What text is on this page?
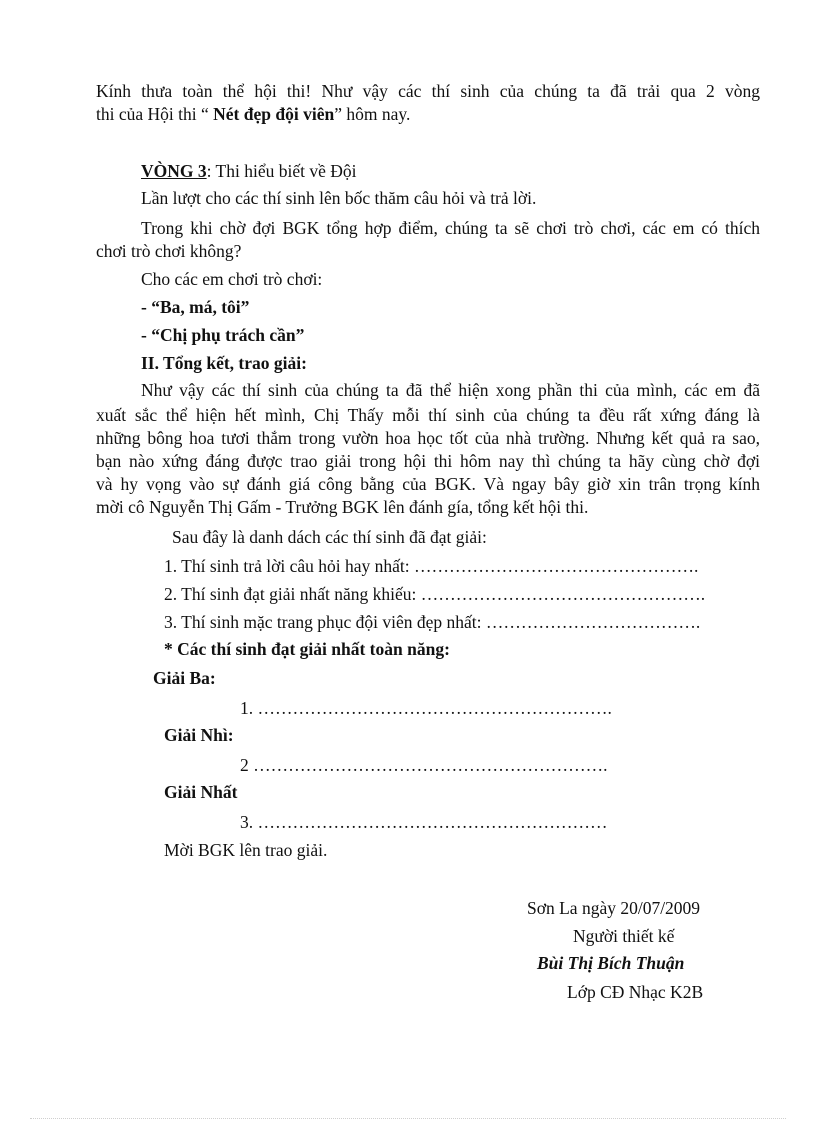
Kính thưa toàn thể hội thi! Như vậy các thí sinh của chúng ta đã trải qua 2 vòng
thi của Hội thi “ Nét đẹp đội viên” hôm nay.
VÒNG 3: Thi hiểu biết về Đội
Lần lượt cho các thí sinh lên bốc thăm câu hỏi và trả lời.
Trong khi chờ đợi BGK tổng hợp điểm, chúng ta sẽ chơi trò chơi, các em có thích
chơi trò chơi không?
Cho các em chơi trò chơi:
- “Ba, má, tôi”
- “Chị phụ trách cần”
II. Tổng kết, trao giải:
Như vậy các thí sinh của chúng ta đã thể hiện xong phần thi của mình, các em đã
xuất sắc thể hiện hết mình, Chị Thấy mỗi thí sinh của chúng ta đều rất xứng đáng là
những bông hoa tươi thắm trong vườn hoa học tốt của nhà trường. Nhưng kết quả ra sao,
bạn nào xứng đáng được trao giải trong hội thi hôm nay thì chúng ta hãy cùng chờ đợi
và hy vọng vào sự đánh giá công bằng của BGK. Và ngay bây giờ xin trân trọng kính
mời cô Nguyễn Thị Gấm - Trưởng BGK lên đánh gía, tổng kết hội thi.
Sau đây là danh dách các thí sinh đã đạt giải:
1. Thí sinh trả lời câu hỏi hay nhất: ………………………………………….
2. Thí sinh đạt giải nhất năng khiếu: ………………………………………….
3. Thí sinh mặc trang phục đội viên đẹp nhất: ……………………………….
* Các thí sinh đạt giải nhất toàn năng:
Giải Ba:
1. …………………………………………………….
Giải Nhì:
2 …………………………………………………….
Giải Nhất
3. ……………………………………………………
Mời BGK lên trao giải.
Sơn La ngày 20/07/2009
Người thiết kế
Bùi Thị Bích Thuận
Lớp CĐ Nhạc K2B
